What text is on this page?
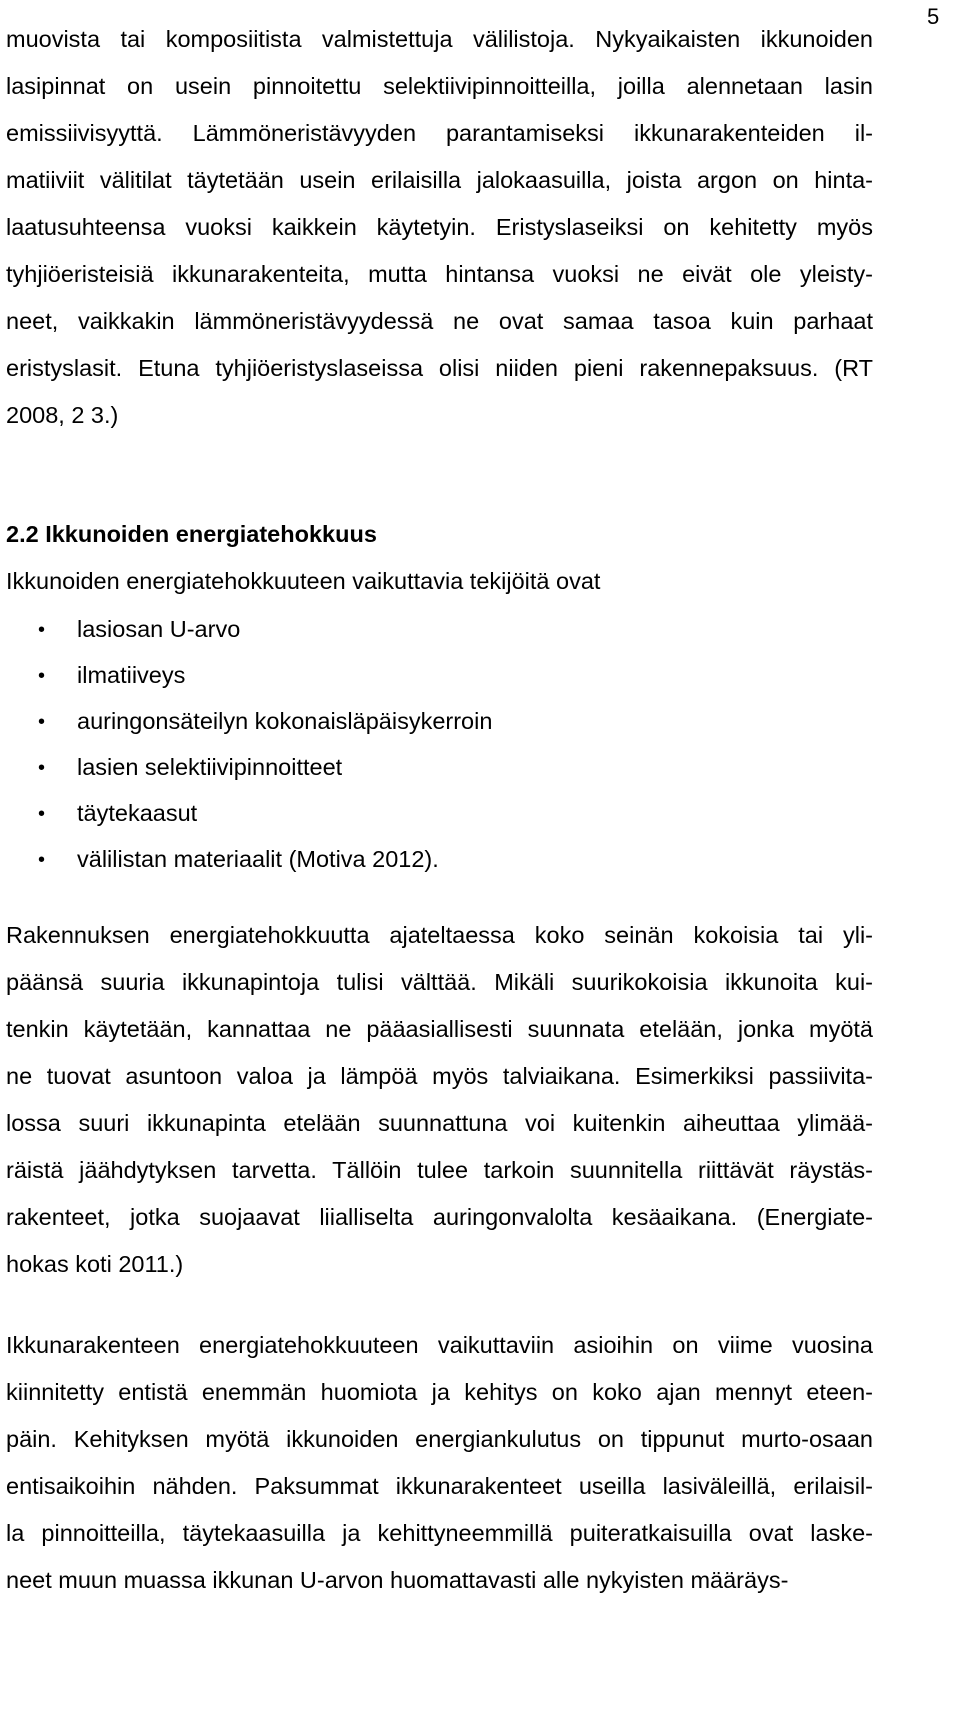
5
muovista tai komposiitista valmistettuja välilistoja. Nykyaikaisten ikkunoiden
lasipinnat on usein pinnoitettu selektiivipinnoitteilla, joilla alennetaan lasin
emissiivisyyttä. Lämmöneristävyyden parantamiseksi ikkunarakenteiden il-
matiiviit välitilat täytetään usein erilaisilla jalokaasuilla, joista argon on hinta-
laatusuhteensa vuoksi kaikkein käytetyin. Eristyslaseiksi on kehitetty myös
tyhjiöeristeisiä ikkunarakenteita, mutta hintansa vuoksi ne eivät ole yleisty-
neet, vaikkakin lämmöneristävyydessä ne ovat samaa tasoa kuin parhaat
eristyslasit. Etuna tyhjiöeristyslaseissa olisi niiden pieni rakennepaksuus. (RT
2008, 2 3.)
2.2 Ikkunoiden energiatehokkuus
Ikkunoiden energiatehokkuuteen vaikuttavia tekijöitä ovat
• lasiosan U-arvo
• ilmatiiveys
• auringonsäteilyn kokonaisläpäisykerroin
• lasien selektiivipinnoitteet
• täytekaasut
• välilistan materiaalit (Motiva 2012).
Rakennuksen energiatehokkuutta ajateltaessa koko seinän kokoisia tai yli-
päänsä suuria ikkunapintoja tulisi välttää. Mikäli suurikokoisia ikkunoita kui-
tenkin käytetään, kannattaa ne pääasiallisesti suunnata etelään, jonka myötä
ne tuovat asuntoon valoa ja lämpöä myös talviaikana. Esimerkiksi passiivita-
lossa suuri ikkunapinta etelään suunnattuna voi kuitenkin aiheuttaa ylimää-
räistä jäähdytyksen tarvetta. Tällöin tulee tarkoin suunnitella riittävät räystäs-
rakenteet, jotka suojaavat liialliselta auringonvalolta kesäaikana. (Energiate-
hokas koti 2011.)
Ikkunarakenteen energiatehokkuuteen vaikuttaviin asioihin on viime vuosina
kiinnitetty entistä enemmän huomiota ja kehitys on koko ajan mennyt eteen-
päin. Kehityksen myötä ikkunoiden energiankulutus on tippunut murto-osaan
entisaikoihin nähden. Paksummat ikkunarakenteet useilla lasiväleillä, erilaisil-
la pinnoitteilla, täytekaasuilla ja kehittyneemmillä puiteratkaisuilla ovat laske-
neet muun muassa ikkunan U-arvon huomattavasti alle nykyisten määräys-
